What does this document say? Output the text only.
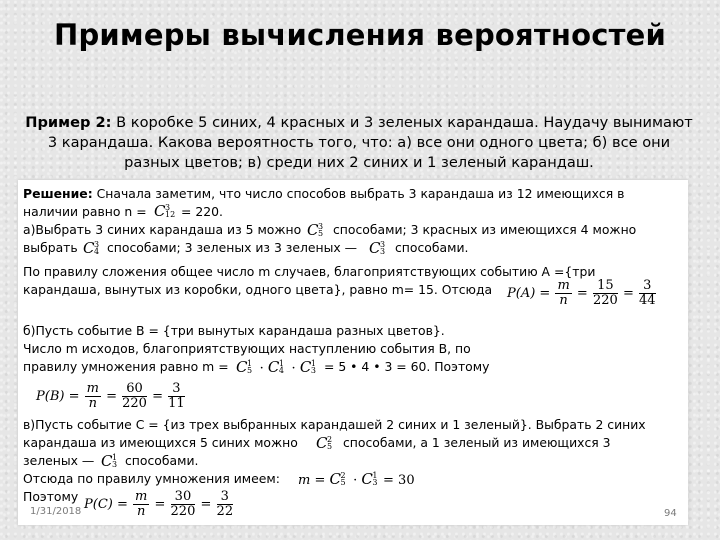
Примеры вычисления вероятностей
Пример 2: В коробке 5 синих, 4 красных и 3 зеленых карандаша. Наудачу вынимают
3 карандаша. Какова вероятность того, что: а) все они одного цвета; б) все они
разных цветов; в) среди них 2 синих и 1 зеленый карандаш.
Решение: Сначала заметим, что число способов выбрать 3 карандаша из 12 имеющихся в
наличии равно n = C 3
12 = 220.
а)Выбрать 3 синих карандаша из 5 можно C 3
5 способами; 3 красных из имеющихся 4 можно
выбрать C 3
4 способами; 3 зеленых из 3 зеленых — C 3
3 способами.
По правилу сложения общее число m случаев, благоприятствующих событию А ={три
карандаша, вынутых из коробки, одного цвета}, равно m= 15. Отсюда $P(A) = \frac{m}{n} = \frac{15}{220} = \frac{3}{44}$
б)Пусть событие В = {три вынутых карандаша разных цветов}.
Число m исходов, благоприятствующих наступлению события В, по
правилу умножения равно m = C 1
5 · C 1
4 · C 1
3 = 5 • 4 • 3 = 60. Поэтому
$P(B) = \frac{m}{n} = \frac{60}{220} = \frac{3}{11}$
в)Пусть событие С = {из трех выбранных карандашей 2 синих и 1 зеленый}. Выбрать 2 синих
карандаша из имеющихся 5 синих можно C 2
5 способами, а 1 зеленый из имеющихся 3
зеленых — C 1
3 способами.
Отсюда по правилу умножения имеем: m = C 2
5 · C 1
3 = 30
Поэтому
$P(C) = \frac{m}{n} = \frac{30}{220} = \frac{3}{22}$
1/31/2018	94
